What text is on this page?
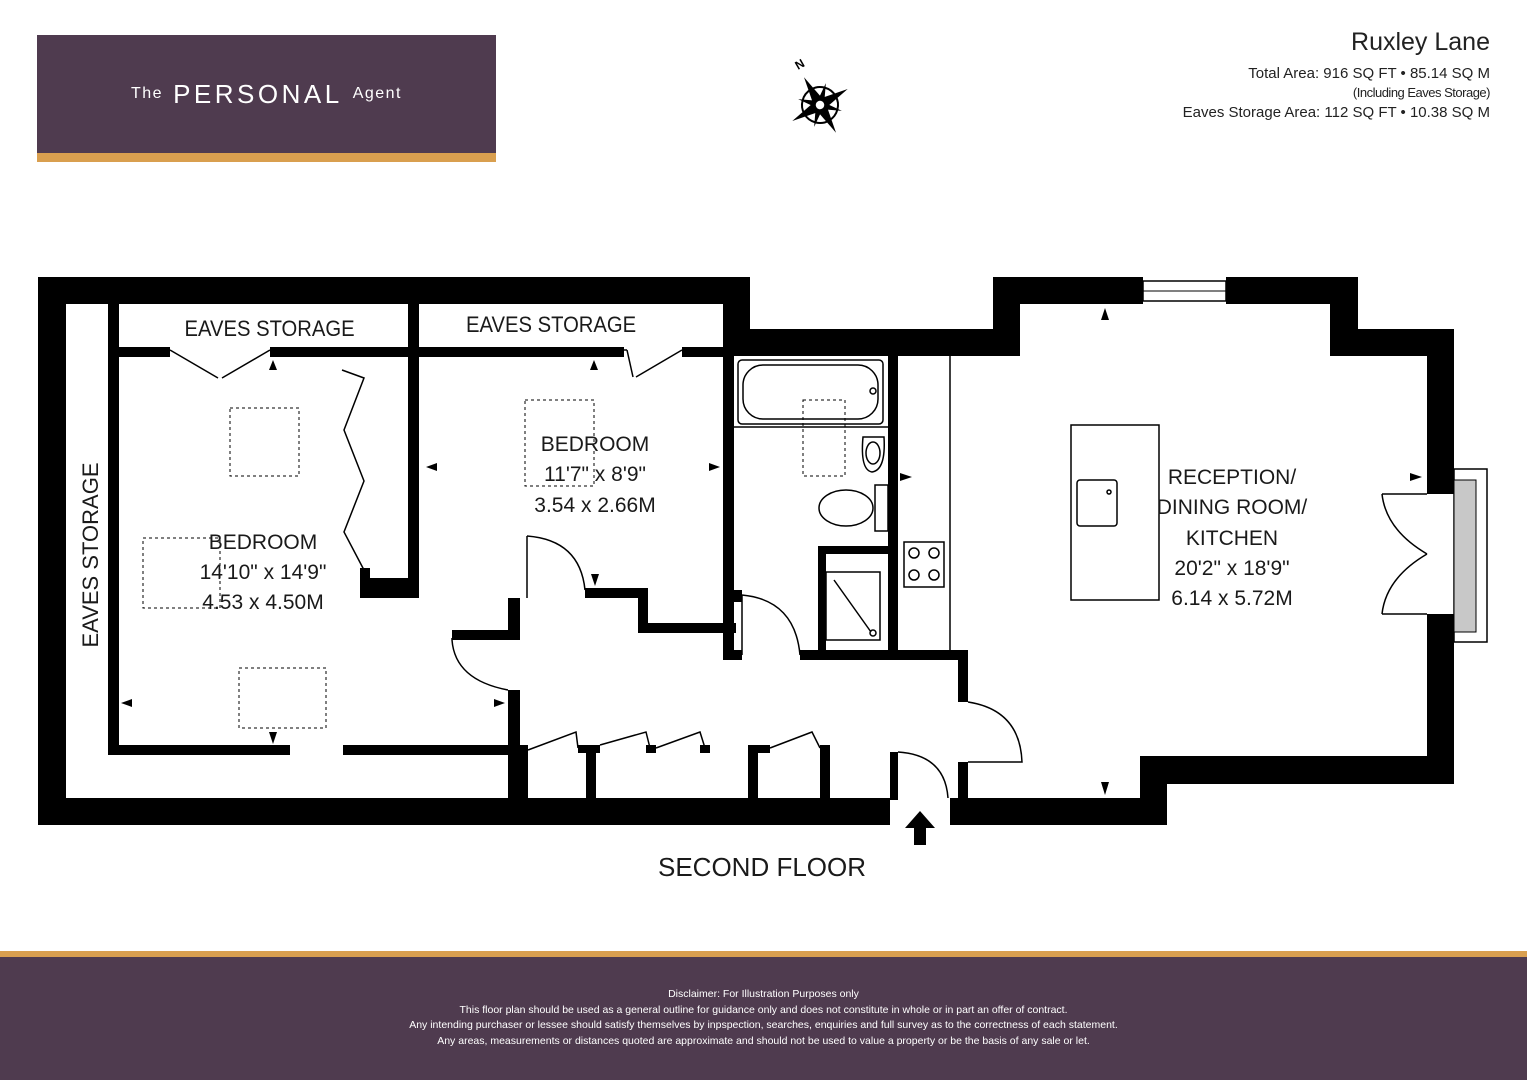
The PERSONAL Agent
Ruxley Lane
Total Area: 916 SQ FT • 85.14 SQ M
(Including Eaves Storage)
Eaves Storage Area: 112 SQ FT • 10.38 SQ M
N
EAVES STORAGE	EAVES STORAGE
EAVES STORAGE	BEDROOM
14'10" x 14'9"
4.53 x 4.50M
BEDROOM
11'7" x 8'9"
3.54 x 2.66M
RECEPTION/
DINING ROOM/
KITCHEN
20'2" x 18'9"
6.14 x 5.72M
SECOND FLOOR
Disclaimer: For Illustration Purposes only
This floor plan should be used as a general outline for guidance only and does not constitute in whole or in part an offer of contract.
Any intending purchaser or lessee should satisfy themselves by inpspection, searches, enquiries and full survey as to the correctness of each statement.
Any areas, measurements or distances quoted are approximate and should not be used to value a property or be the basis of any sale or let.
